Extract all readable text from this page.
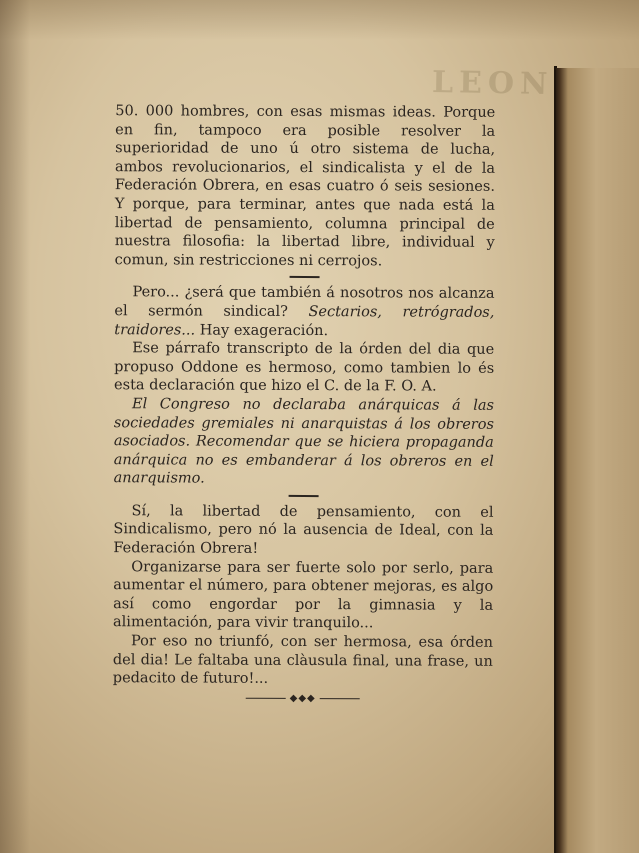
LEON

50. 000 hombres, con esas mismas ideas. Porque en fin, tampoco era posible resolver la superioridad de uno ú otro sistema de lucha, ambos revolucionarios, el sindicalista y el de la Federación Obrera, en esas cuatro ó seis sesiones. Y porque, para terminar, antes que nada está la libertad de pensamiento, columna principal de nuestra filosofia: la libertad libre, individual y comun, sin restricciones ni cerrojos.

Pero... ¿será que también á nosotros nos alcanza el sermón sindical? Sectarios, retrógrados, traidores... Hay exageración.

Ese párrafo transcripto de la órden del dia que propuso Oddone es hermoso, como tambien lo és esta declaración que hizo el C. de la F. O. A.

El Congreso no declaraba anárquicas á las sociedades gremiales ni anarquistas á los obreros asociados. Recomendar que se hiciera propaganda anárquica no es embanderar á los obreros en el anarquismo.

Sí, la libertad de pensamiento, con el Sindicalismo, pero nó la ausencia de Ideal, con la Federación Obrera!

Organizarse para ser fuerte solo por serlo, para aumentar el número, para obtener mejoras, es algo así como engordar por la gimnasia y la alimentación, para vivir tranquilo...

Por eso no triunfó, con ser hermosa, esa órden del dia! Le faltaba una clàusula final, una frase, un pedacito de futuro!...

◆◆◆
